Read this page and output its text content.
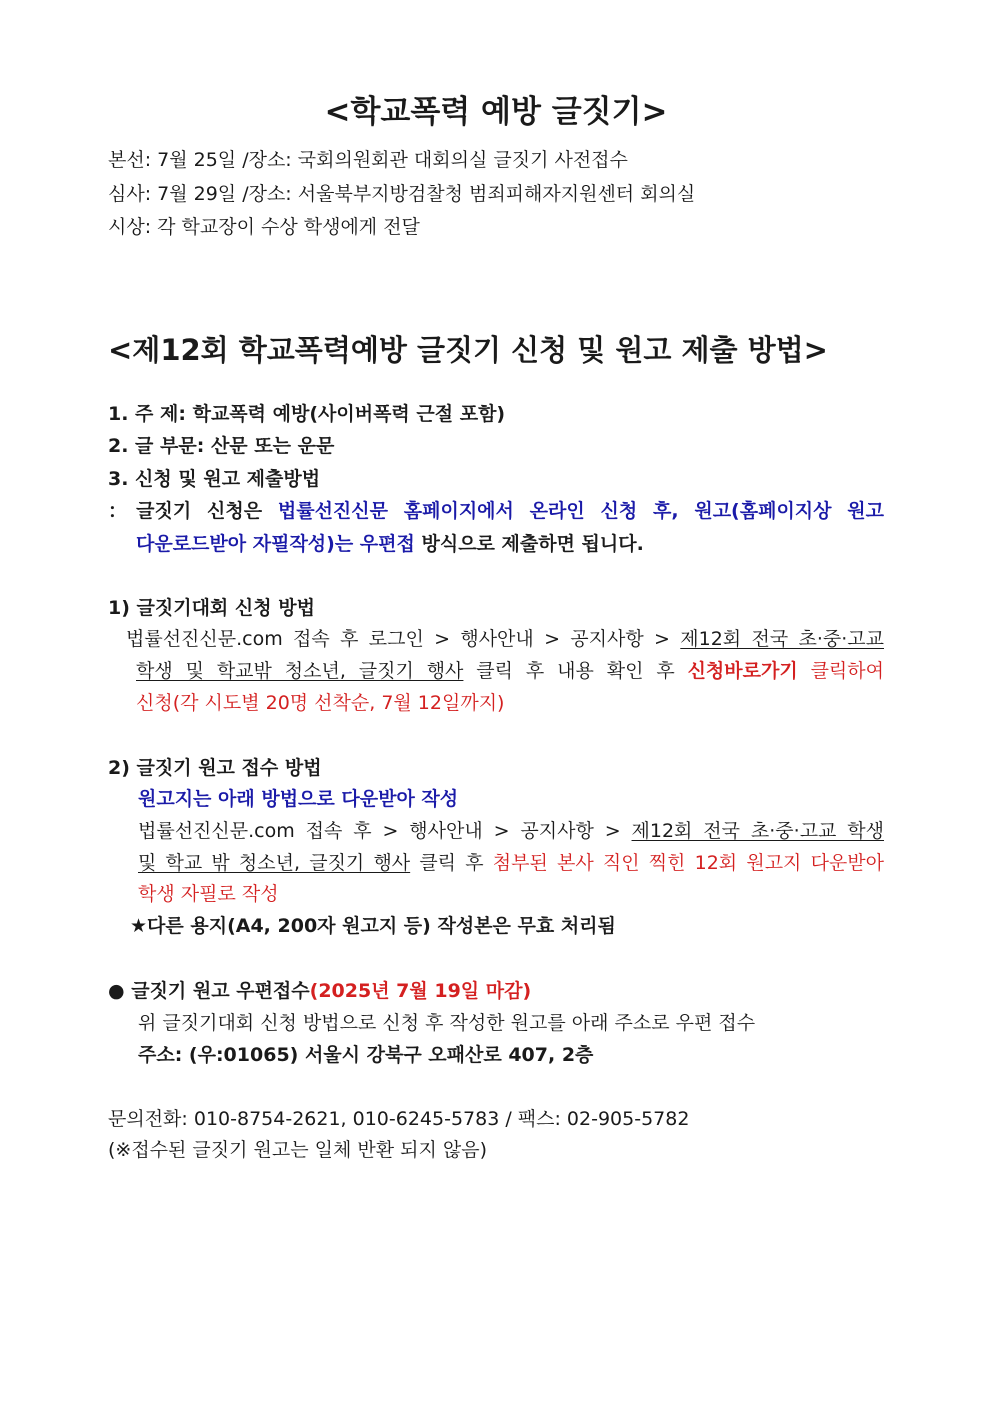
<학교폭력 예방 글짓기>
본선: 7월 25일 /장소: 국회의원회관 대회의실 글짓기 사전접수
심사: 7월 29일 /장소: 서울북부지방검찰청 범죄피해자지원센터 회의실
시상: 각 학교장이 수상 학생에게 전달
<제12회 학교폭력예방 글짓기 신청 및 원고 제출 방법>
1. 주 제: 학교폭력 예방(사이버폭력 근절 포함)
2. 글 부문: 산문 또는 운문
3. 신청 및 원고 제출방법
：글짓기 신청은 법률선진신문 홈페이지에서 온라인 신청 후, 원고(홈페이지상 원고
다운로드받아 자필작성)는 우편접 방식으로 제출하면 됩니다.
1) 글짓기대회 신청 방법
법률선진신문.com 접속 후 로그인 > 행사안내 > 공지사항 > 제12회 전국 초·중·고교
학생 및 학교밖 청소년, 글짓기 행사 클릭 후 내용 확인 후 신청바로가기 클릭하여
신청(각 시도별 20명 선착순, 7월 12일까지)
2) 글짓기 원고 접수 방법
원고지는 아래 방법으로 다운받아 작성
법률선진신문.com 접속 후 > 행사안내 > 공지사항 > 제12회 전국 초·중·고교 학생
및 학교 밖 청소년, 글짓기 행사 클릭 후 첨부된 본사 직인 찍힌 12회 원고지 다운받아
학생 자필로 작성
★다른 용지(A4, 200자 원고지 등) 작성본은 무효 처리됨
● 글짓기 원고 우편접수(2025년 7월 19일 마감)
위 글짓기대회 신청 방법으로 신청 후 작성한 원고를 아래 주소로 우편 접수
주소: (우:01065) 서울시 강북구 오패산로 407, 2층
문의전화: 010-8754-2621, 010-6245-5783 / 팩스: 02-905-5782
(※접수된 글짓기 원고는 일체 반환 되지 않음)
